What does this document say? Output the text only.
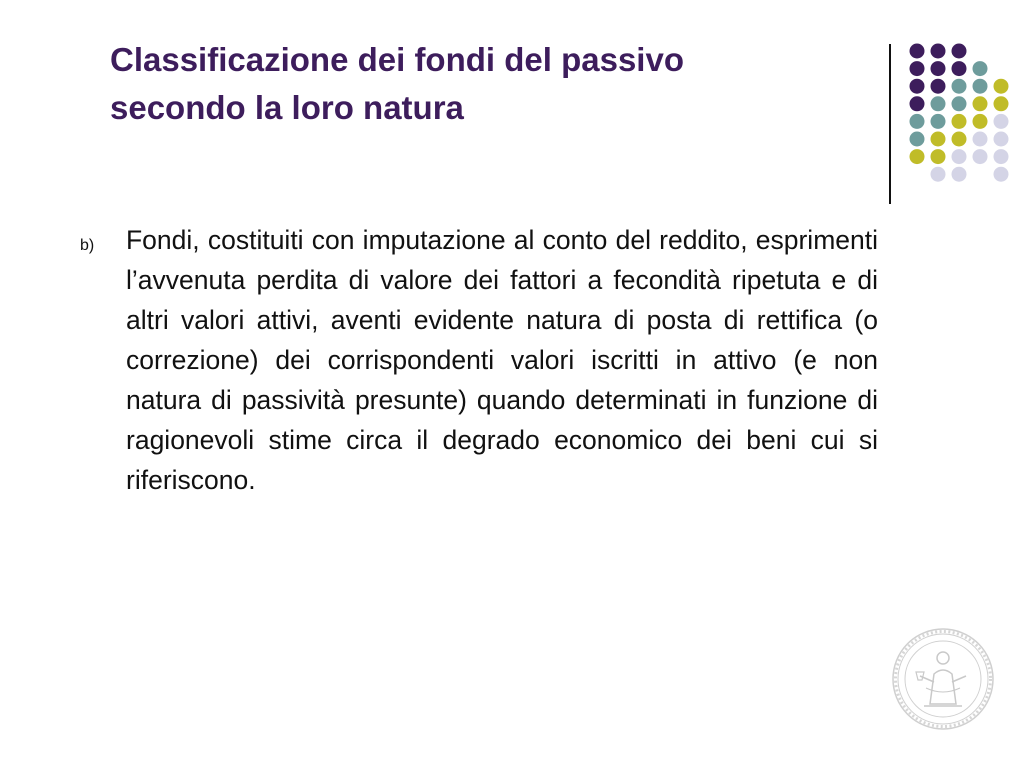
Classificazione dei fondi del passivo
secondo la loro natura
b) Fondi, costituiti con imputazione al conto del reddito, esprimenti l’avvenuta perdita di valore dei fattori a fecondità ripetuta e di altri valori attivi, aventi evidente natura di posta di rettifica (o correzione) dei corrispondenti valori iscritti in attivo (e non natura di passività presunte) quando determinati in funzione di ragionevoli stime circa il degrado economico dei beni cui si riferiscono.
